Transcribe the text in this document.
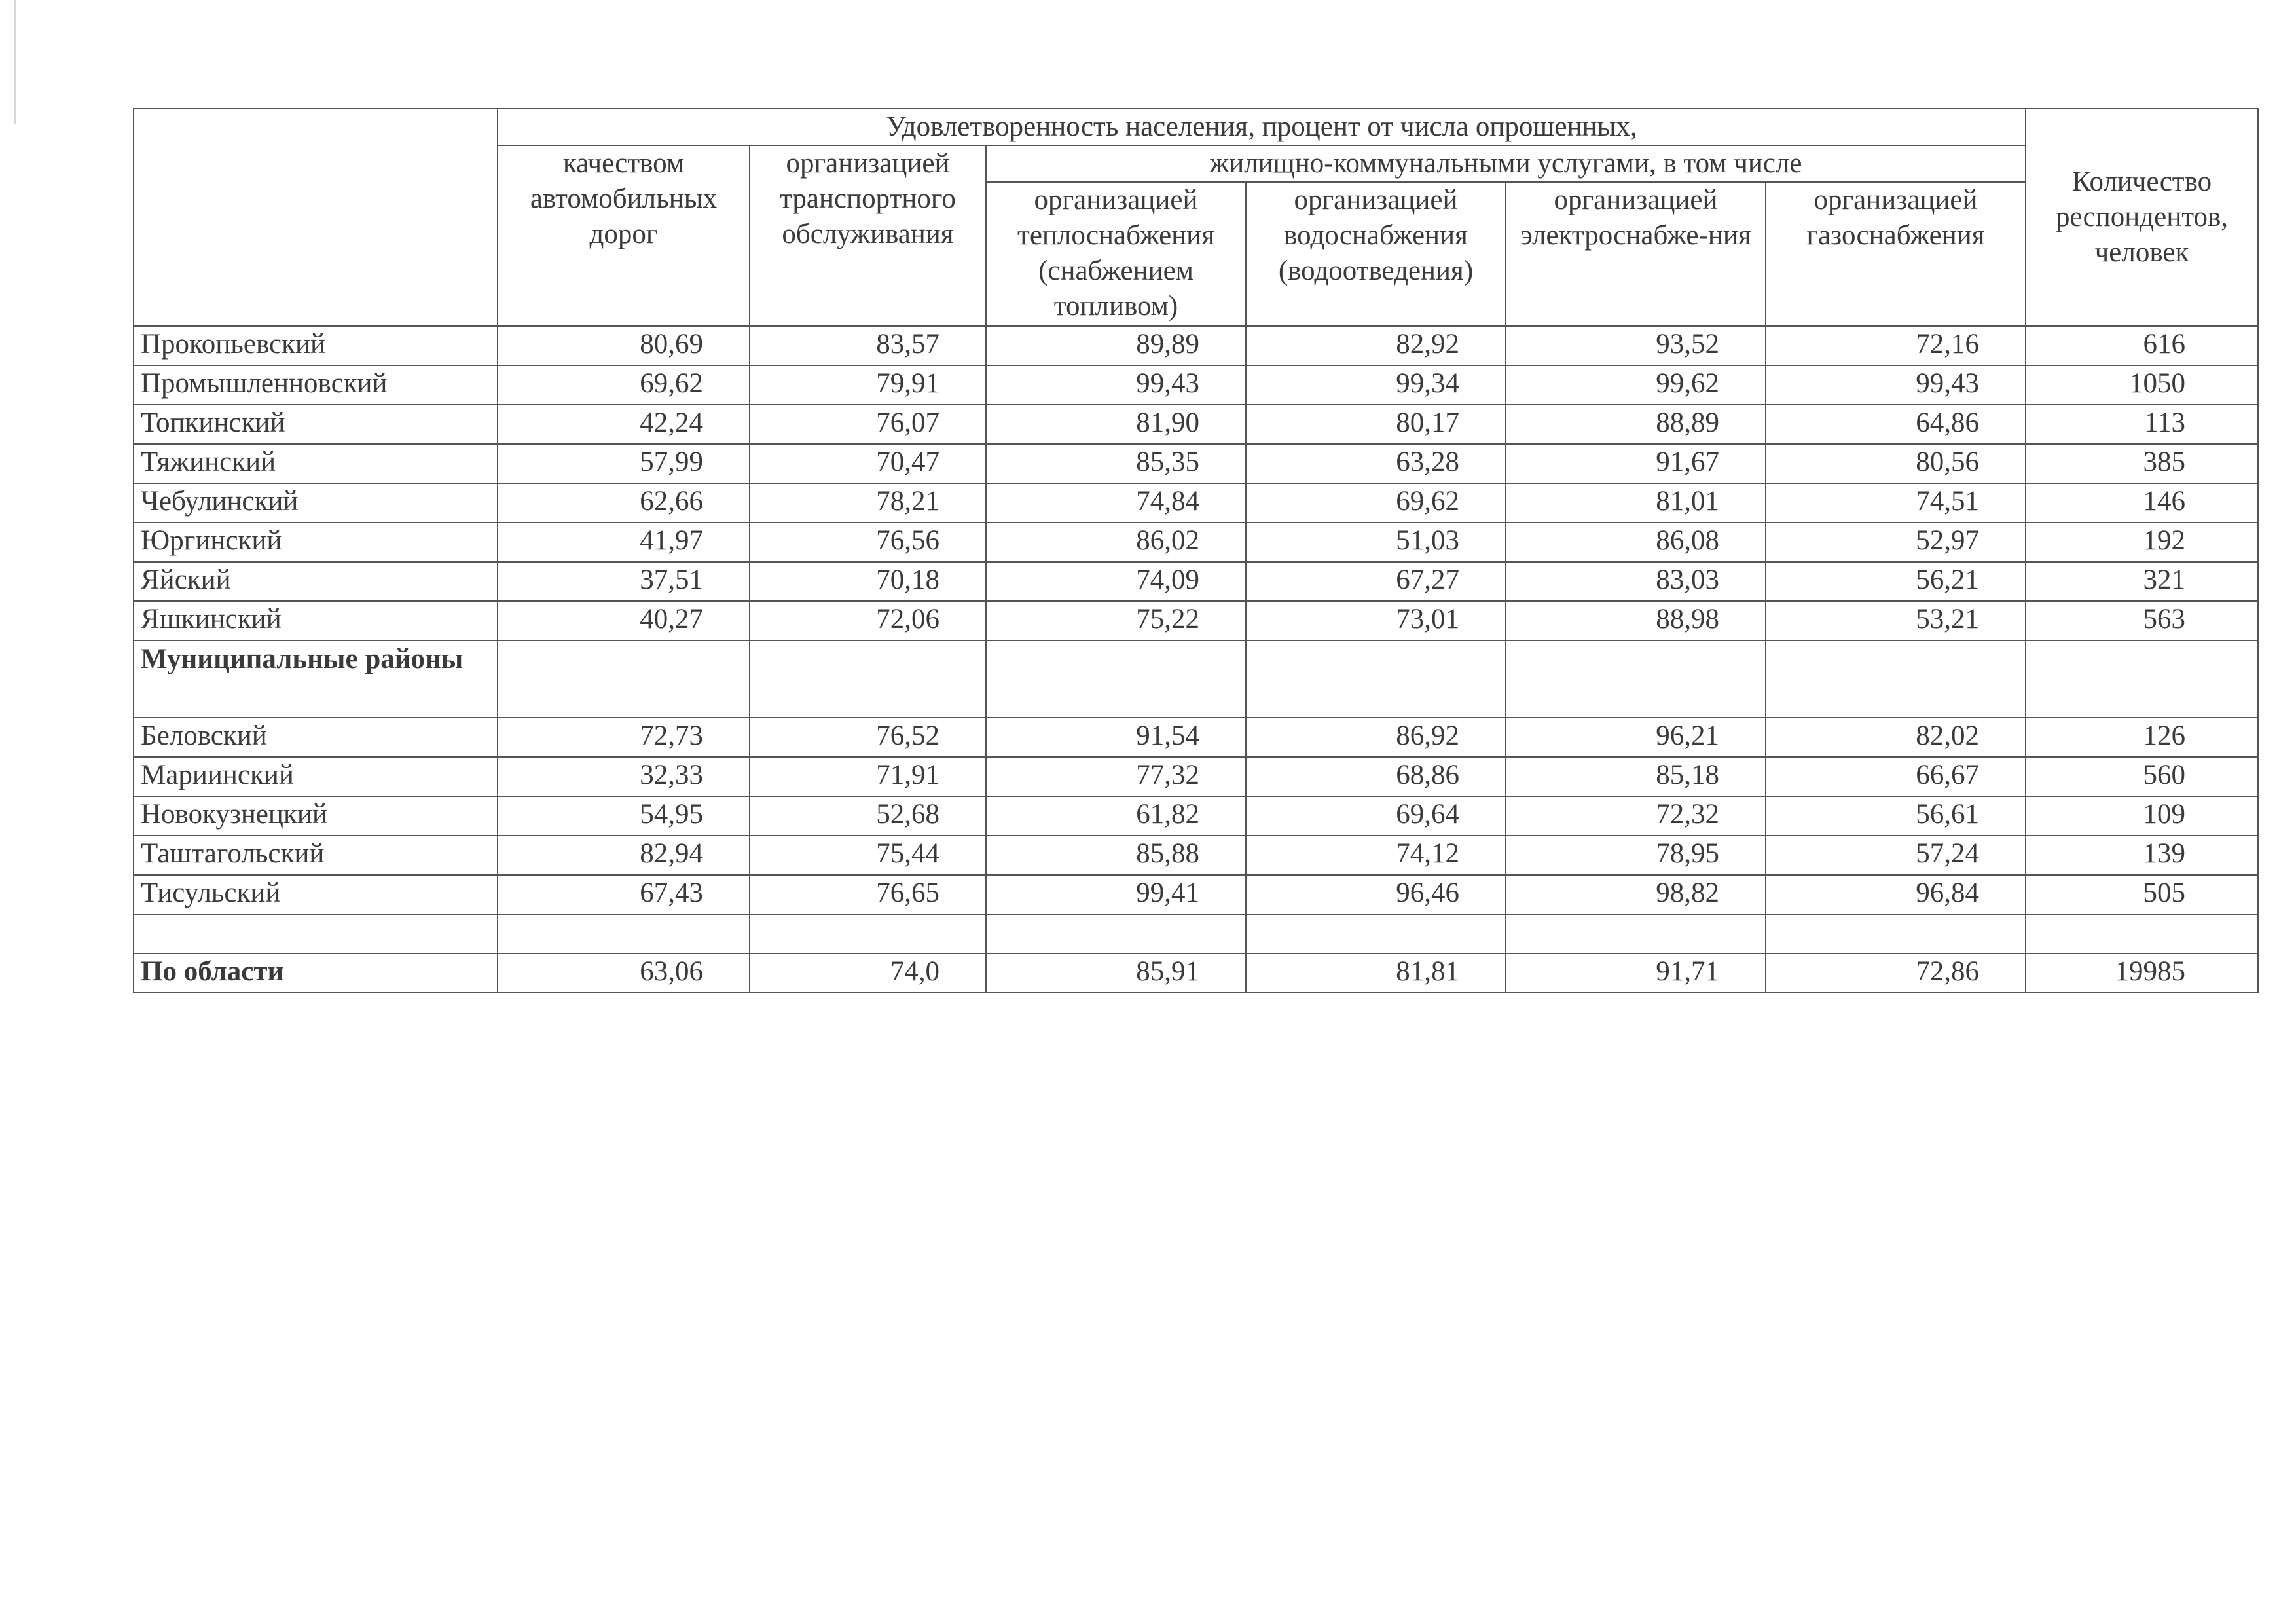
	Удовлетворенность населения, процент от числа опрошенных,						Количество респондентов, человек
	качеством автомобильных дорог	организацией транспортного обслуживания	жилищно-коммунальными услугами, в том числе				
			организацией теплоснабжения (снабжением топливом)	организацией водоснабжения (водоотведения)	организацией электроснабже-ния	организацией газоснабжения	
Прокопьевский	80,69	83,57	89,89	82,92	93,52	72,16	616
Промышленновский	69,62	79,91	99,43	99,34	99,62	99,43	1050
Топкинский	42,24	76,07	81,90	80,17	88,89	64,86	113
Тяжинский	57,99	70,47	85,35	63,28	91,67	80,56	385
Чебулинский	62,66	78,21	74,84	69,62	81,01	74,51	146
Юргинский	41,97	76,56	86,02	51,03	86,08	52,97	192
Яйский	37,51	70,18	74,09	67,27	83,03	56,21	321
Яшкинский	40,27	72,06	75,22	73,01	88,98	53,21	563
Муниципальные районы							
Беловский	72,73	76,52	91,54	86,92	96,21	82,02	126
Мариинский	32,33	71,91	77,32	68,86	85,18	66,67	560
Новокузнецкий	54,95	52,68	61,82	69,64	72,32	56,61	109
Таштагольский	82,94	75,44	85,88	74,12	78,95	57,24	139
Тисульский	67,43	76,65	99,41	96,46	98,82	96,84	505

По области	63,06	74,0	85,91	81,81	91,71	72,86	19985
